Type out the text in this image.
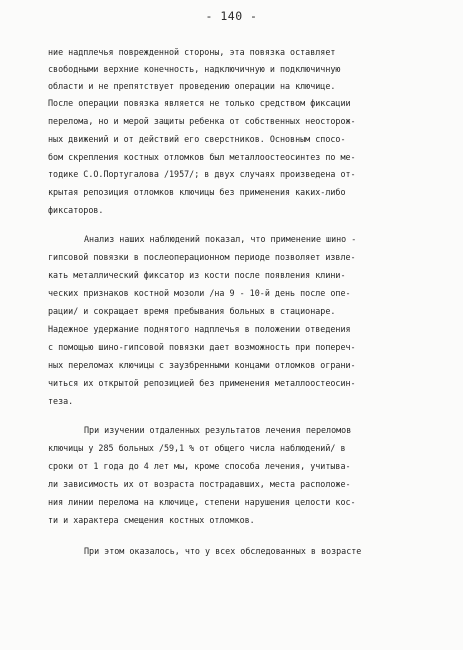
- 140 -
ние надплечья поврежденной стороны, эта повязка оставляет
свободными верхние конечность, надключичную и подключичную
области и не препятствует проведению операции на ключице.
После операции повязка является не только средством фиксации
перелома, но и мерой защиты ребенка от собственных неосторож-
ных движений и от действий его сверстников. Основным спосо-
бом скрепления костных отломков был металлоостеосинтез по ме-
тодике С.О.Португалова /1957/; в двух случаях произведена от-
крытая репозиция отломков ключицы без применения каких-либо
фиксаторов.
Анализ наших наблюдений показал, что применение шино -
гипсовой повязки в послеоперационном периоде позволяет извле-
кать металлический фиксатор из кости после появления клини-
ческих признаков костной мозоли /на 9 - 10-й день после опе-
рации/ и сокращает время пребывания больных в стационаре.
Надежное удержание поднятого надплечья в положении отведения
с помощью шино-гипсовой повязки дает возможность при попереч-
ных переломах ключицы с заузбренными концами отломков ограни-
читься их открытой репозицией без применения металлоостеосин-
теза.
При изучении отдаленных результатов лечения переломов
ключицы у 285 больных /59,1 % от общего числа наблюдений/ в
сроки от 1 года до 4 лет мы, кроме способа лечения, учитыва-
ли зависимость их от возраста пострадавших, места расположе-
ния линии перелома на ключице, степени нарушения целости кос-
ти и характера смещения костных отломков.
При этом оказалось, что у всех обследованных в возрасте
